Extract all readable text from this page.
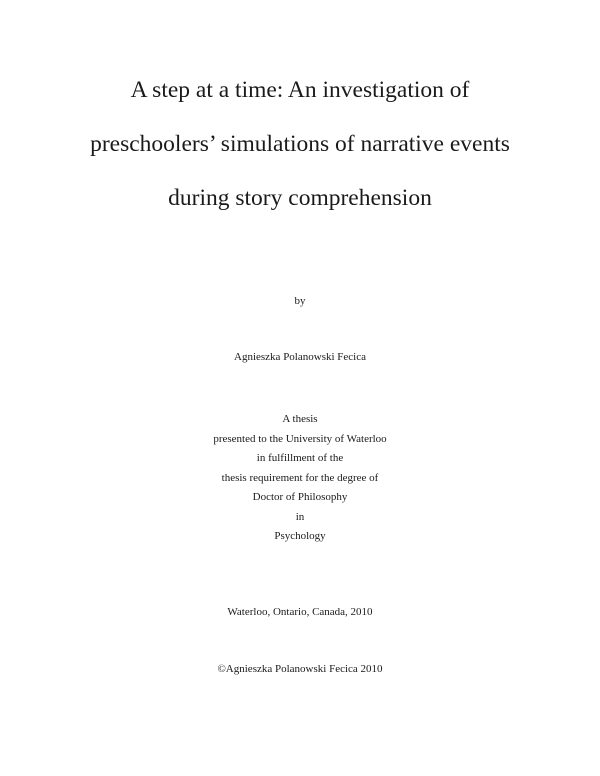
A step at a time: An investigation of
preschoolers’ simulations of narrative events
during story comprehension
by
Agnieszka Polanowski Fecica
A thesis
presented to the University of Waterloo
in fulfillment of the
thesis requirement for the degree of
Doctor of Philosophy
in
Psychology
Waterloo, Ontario, Canada, 2010
©Agnieszka Polanowski Fecica 2010
